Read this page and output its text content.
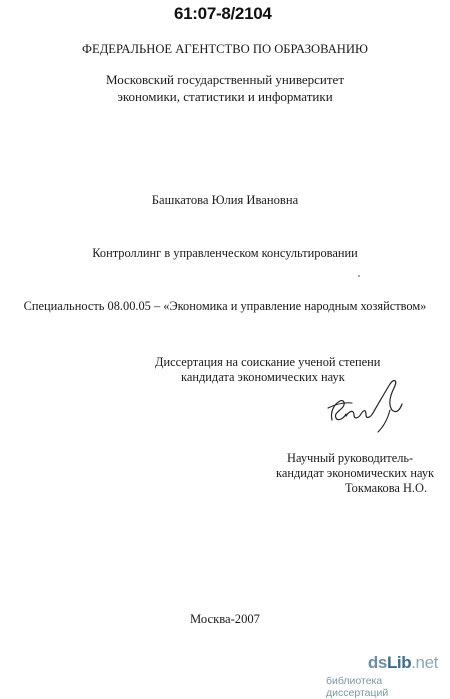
61:07-8/2104
ФЕДЕРАЛЬНОЕ АГЕНТСТВО ПО ОБРАЗОВАНИЮ
Московский государственный университет
экономики, статистики и информатики
Башкатова Юлия Ивановна
Контроллинг в управленческом консультировании
Специальность 08.00.05 – «Экономика и управление народным хозяйством»
Диссертация на соискание ученой степени
кандидата экономических наук
Научный руководитель-
кандидат экономических наук
Токмакова Н.О.
Москва-2007
dsLib.net
библиотека диссертаций
